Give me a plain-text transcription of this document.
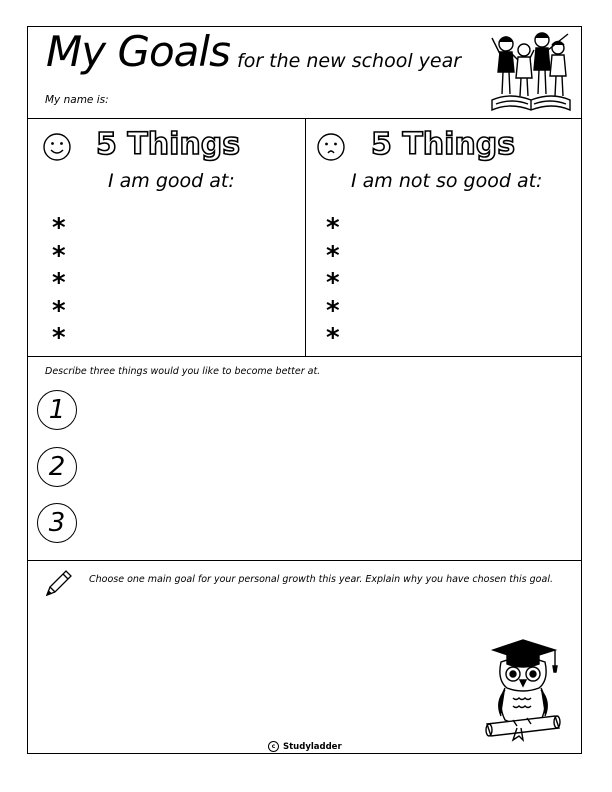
My Goals for the new school year
My name is:
5 Things
I am good at:
*
*
*
*
*
5 Things
I am not so good at:
*
*
*
*
*
Describe three things would you like to become better at.
1
2
3
Choose one main goal for your personal growth this year. Explain why you have chosen this goal.
c Studyladder
